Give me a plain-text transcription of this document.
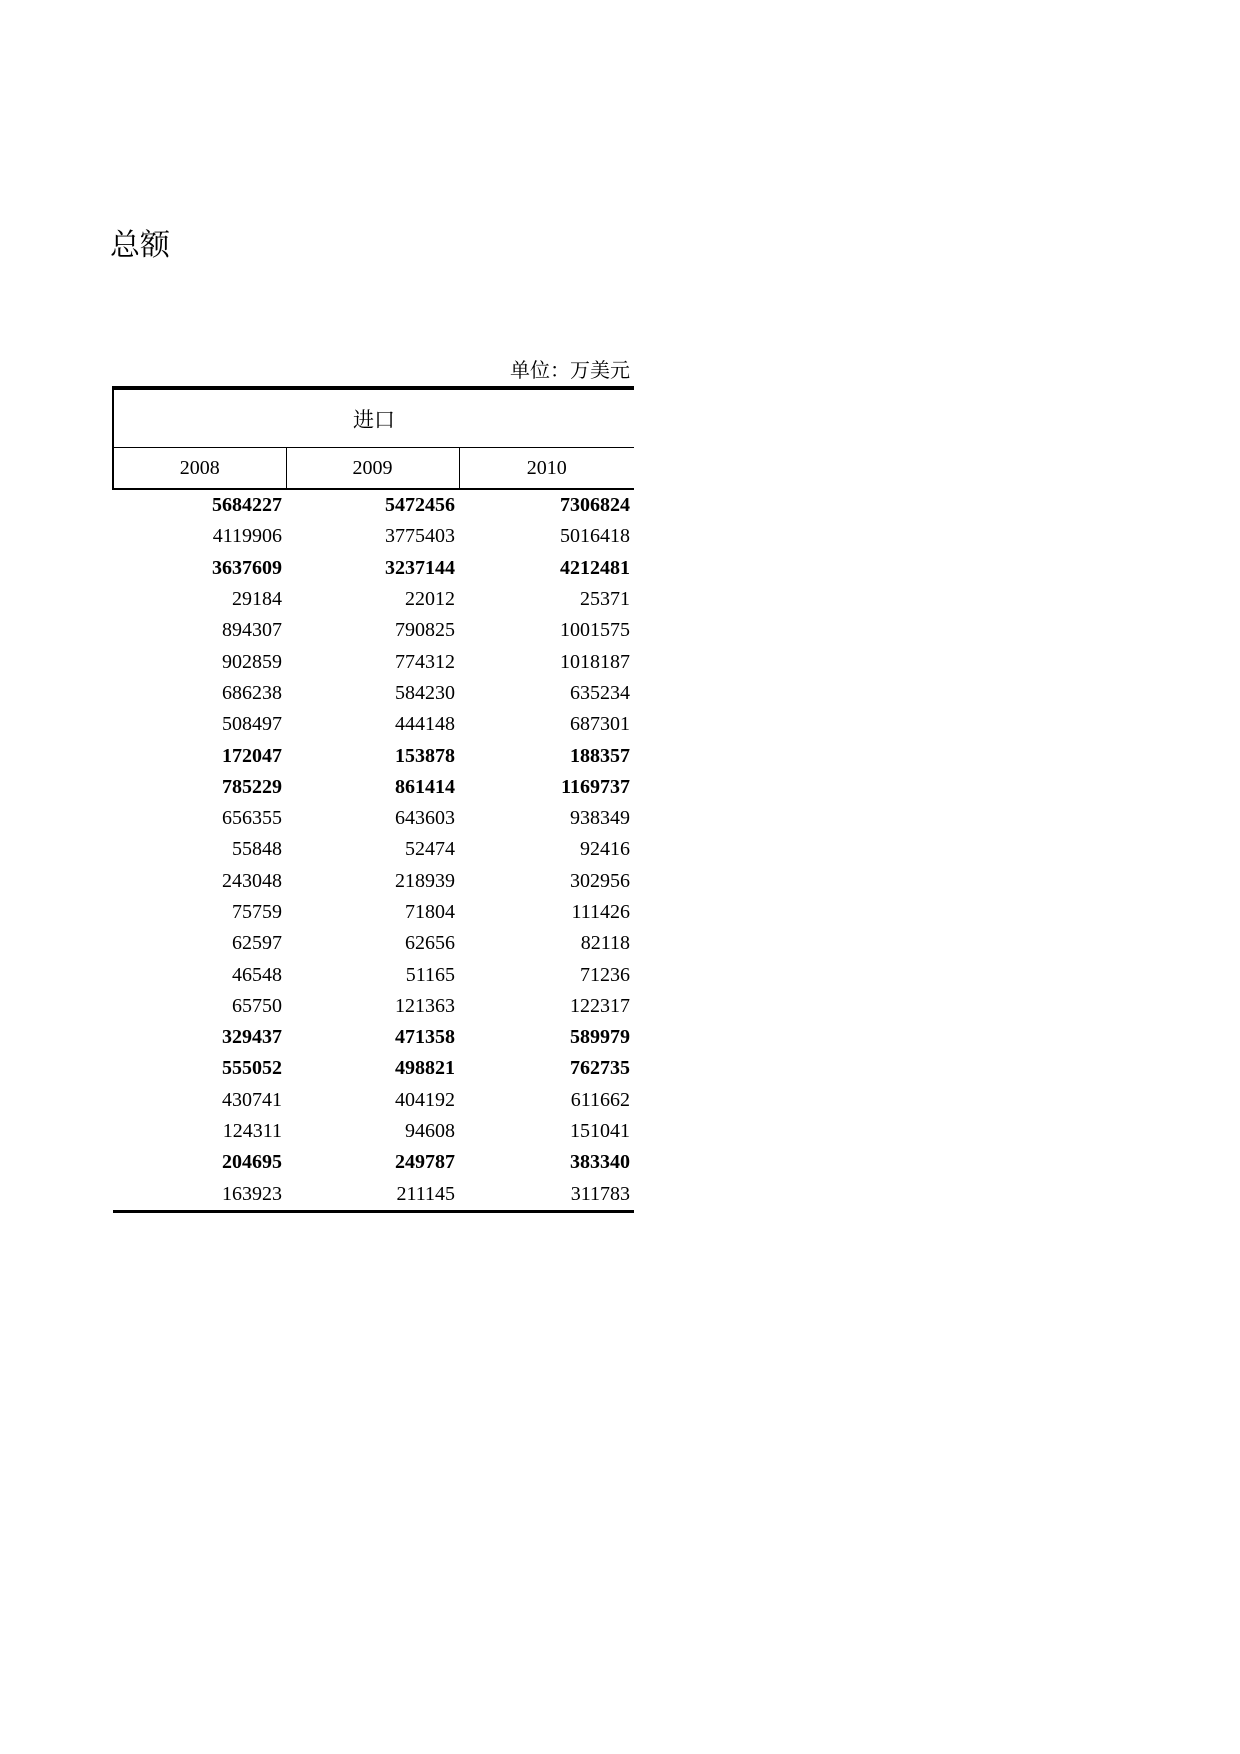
总额
单位：万美元
进口		
2008	2009	2010
5684227	5472456	7306824
4119906	3775403	5016418
3637609	3237144	4212481
29184	22012	25371
894307	790825	1001575
902859	774312	1018187
686238	584230	635234
508497	444148	687301
172047	153878	188357
785229	861414	1169737
656355	643603	938349
55848	52474	92416
243048	218939	302956
75759	71804	111426
62597	62656	82118
46548	51165	71236
65750	121363	122317
329437	471358	589979
555052	498821	762735
430741	404192	611662
124311	94608	151041
204695	249787	383340
163923	211145	311783
